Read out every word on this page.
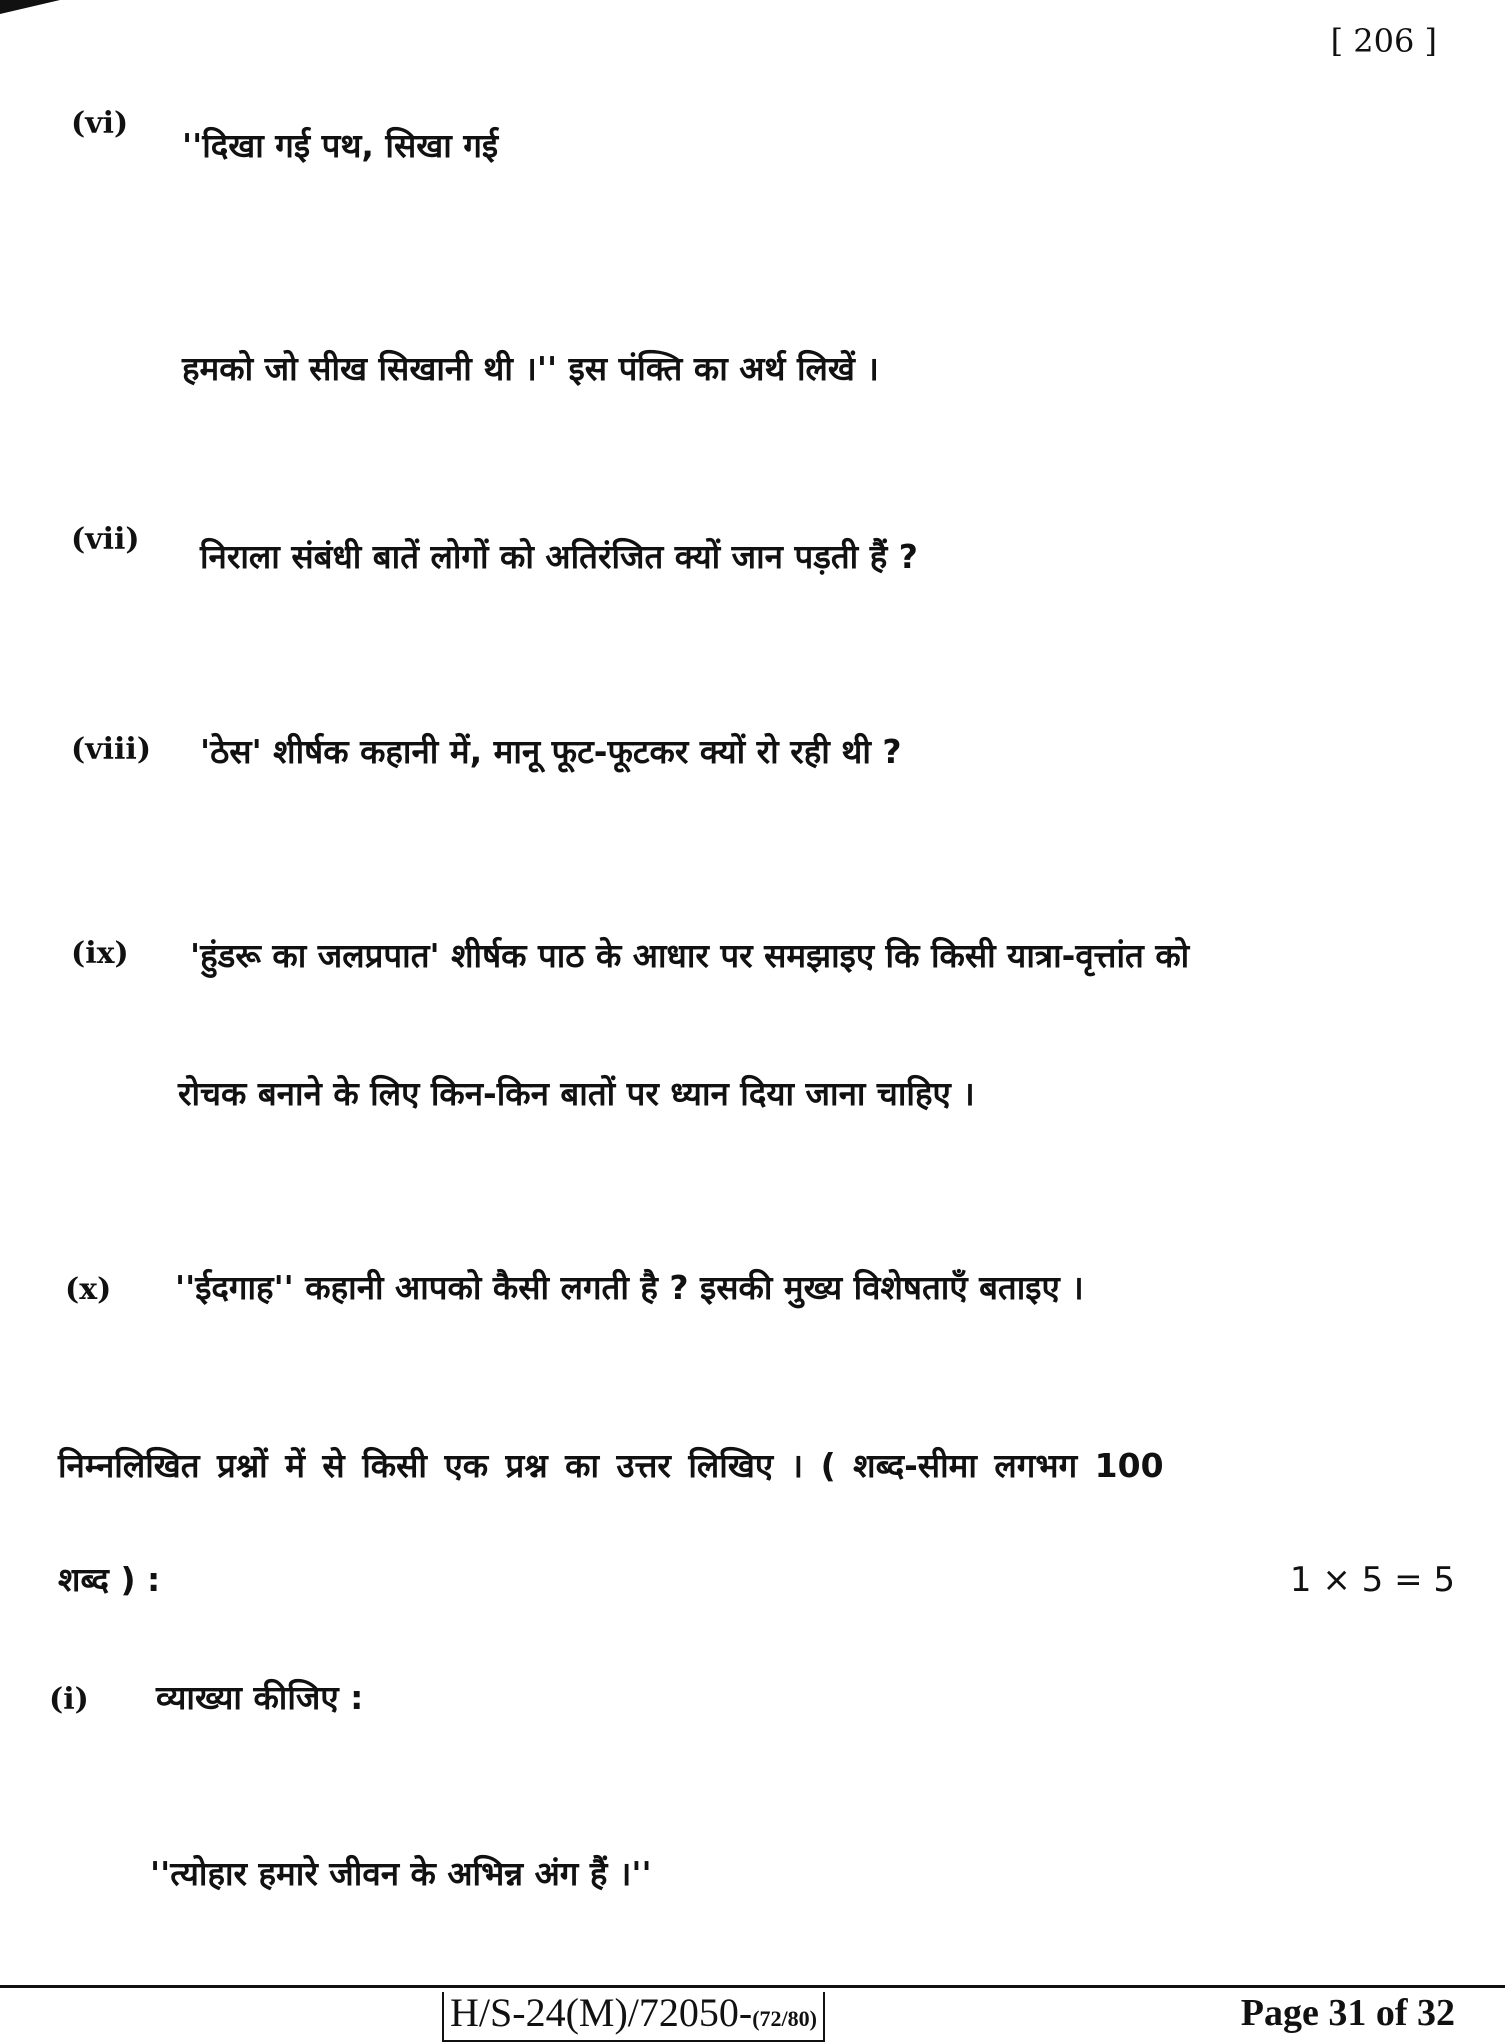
[ 206 ]
(vi)
''दिखा गई पथ, सिखा गई
हमको जो सीख सिखानी थी ।'' इस पंक्ति का अर्थ लिखें ।
(vii) निराला संबंधी बातें लोगों को अतिरंजित क्यों जान पड़ती हैं ?
(viii) 'ठेस' शीर्षक कहानी में, मानू फूट-फूटकर क्यों रो रही थी ?
(ix) 'हुंडरू का जलप्रपात' शीर्षक पाठ के आधार पर समझाइए कि किसी यात्रा-वृत्तांत को
रोचक बनाने के लिए किन-किन बातों पर ध्यान दिया जाना चाहिए ।
(x) ''ईदगाह'' कहानी आपको कैसी लगती है ? इसकी मुख्य विशेषताएँ बताइए ।
निम्नलिखित प्रश्नों में से किसी एक प्रश्न का उत्तर लिखिए । ( शब्द-सीमा लगभग 100
शब्द ) :	1 × 5 = 5
(i) व्याख्या कीजिए :
''त्योहार हमारे जीवन के अभिन्न अंग हैं ।''
H/S-24(M)/72050-(72/80)	Page 31 of 32
